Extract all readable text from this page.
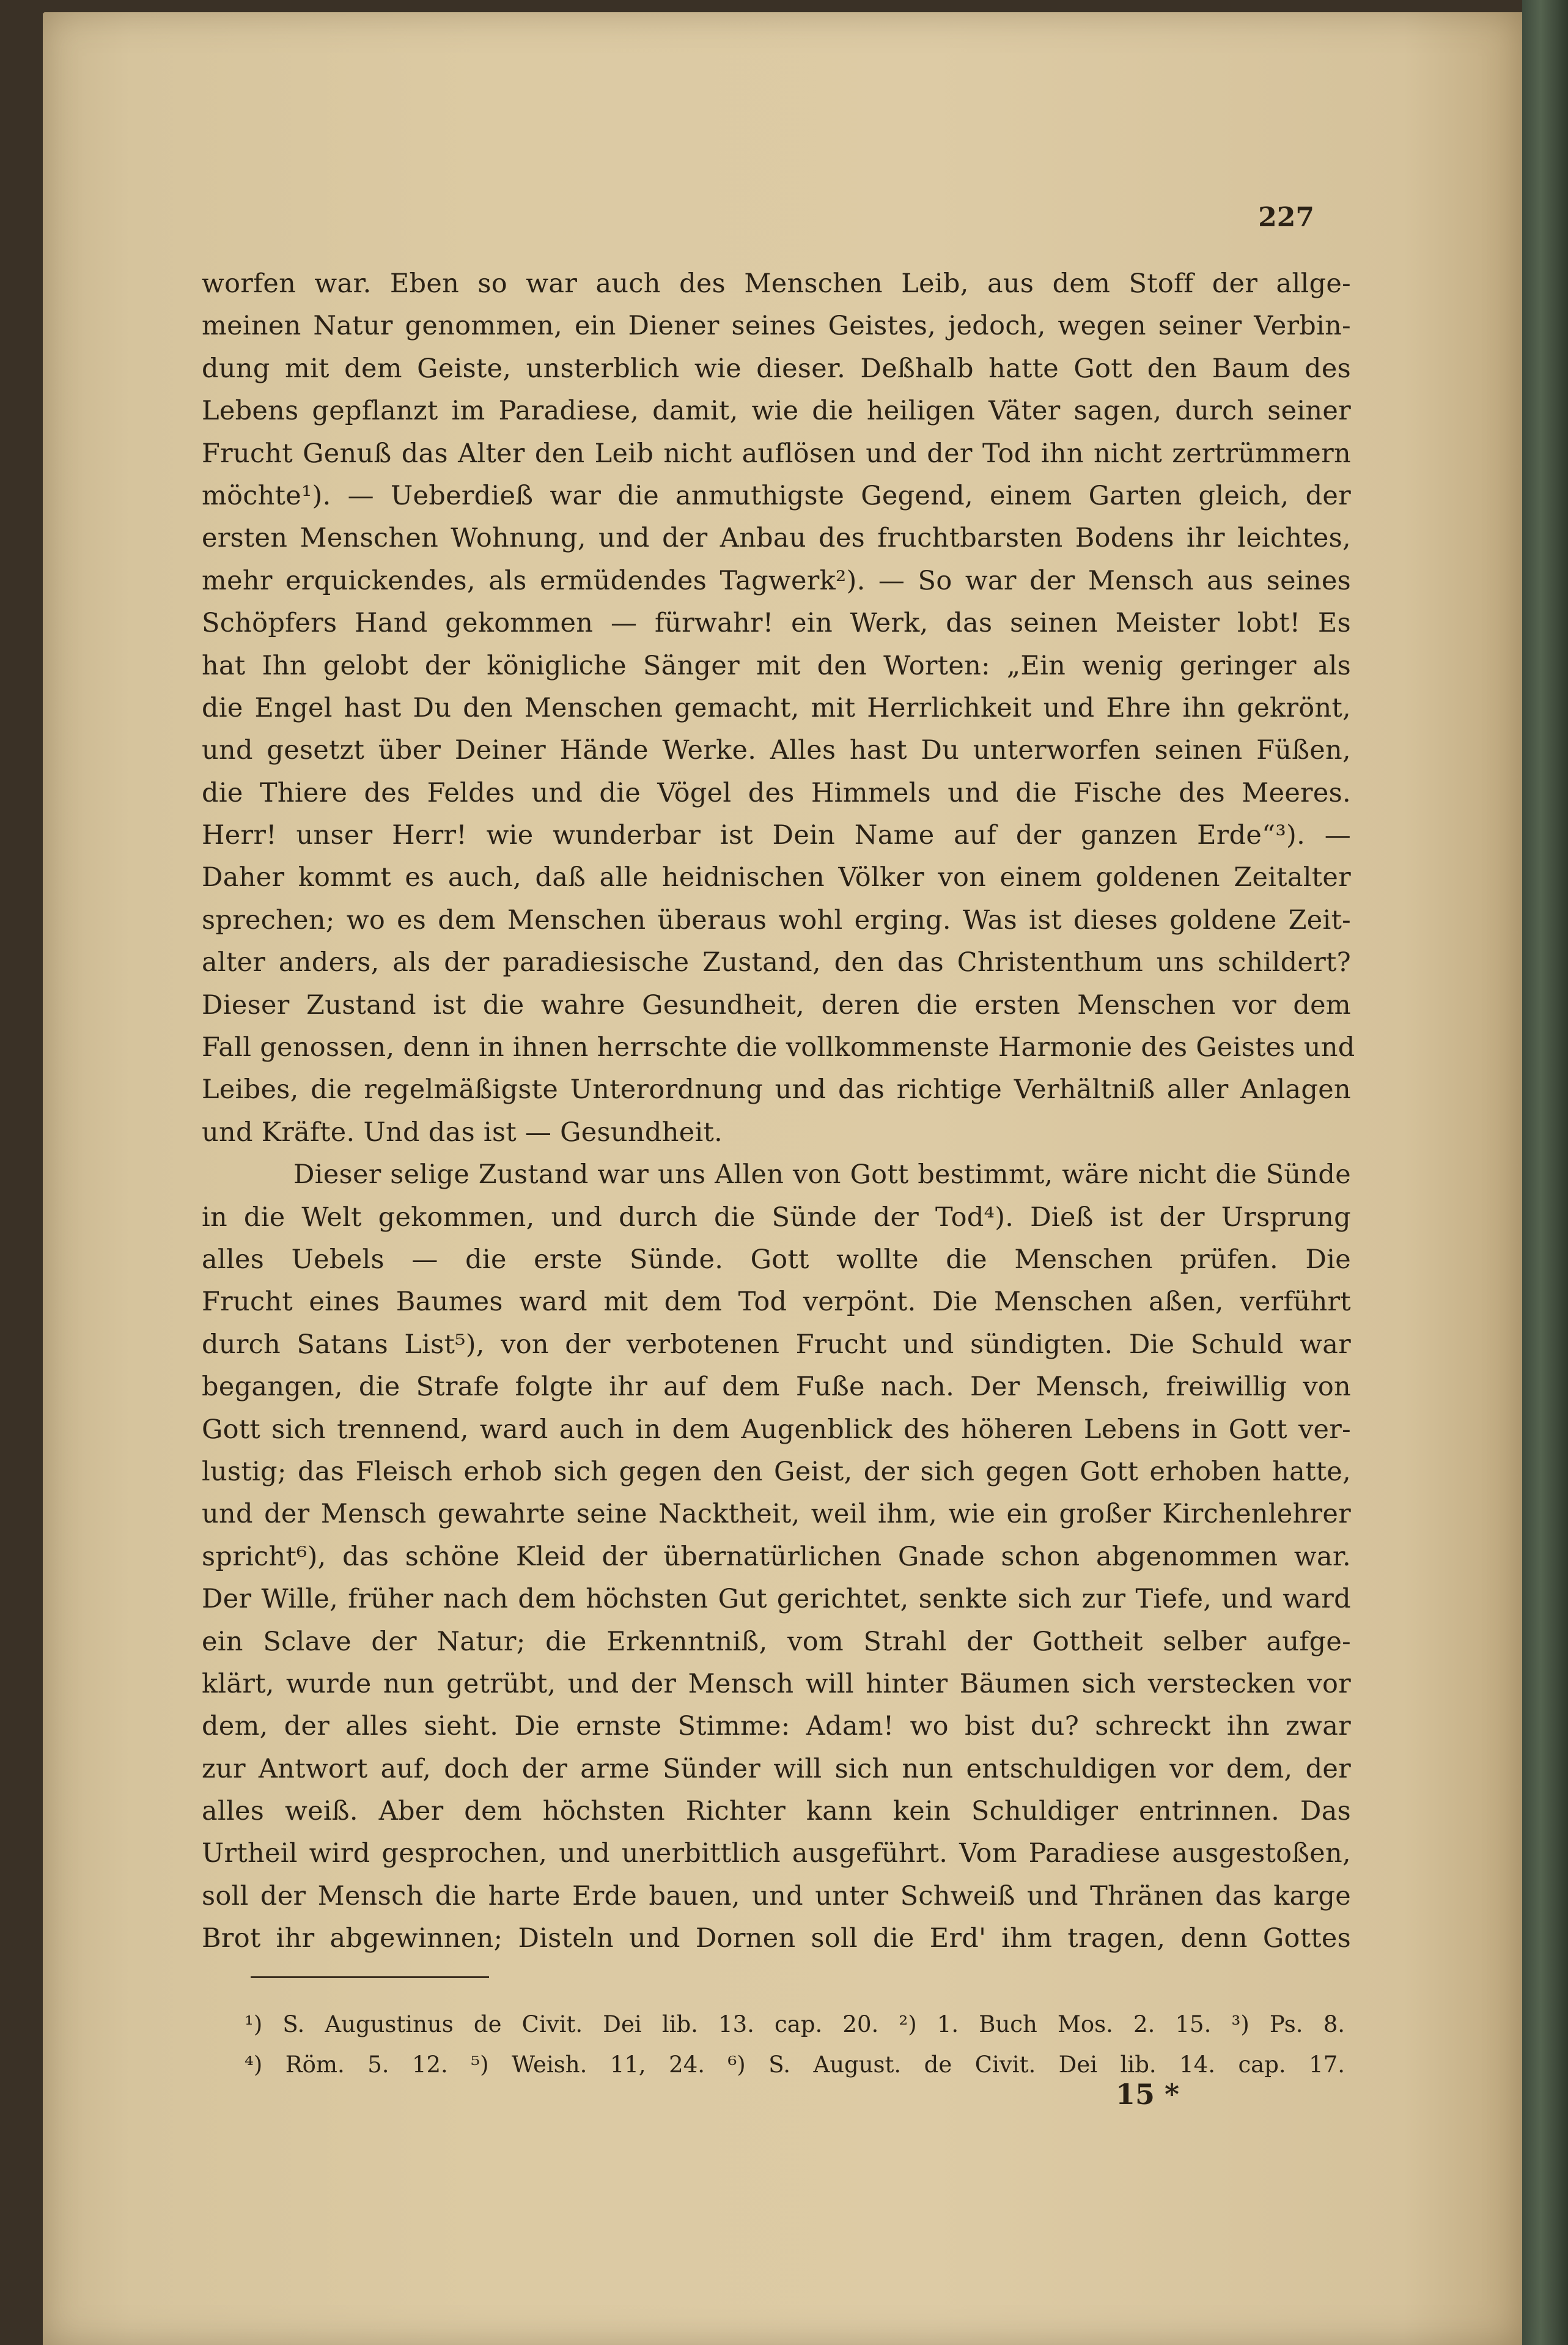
227
worfen war. Eben so war auch des Menschen Leib, aus dem Stoff der allge-
meinen Natur genommen, ein Diener seines Geistes, jedoch, wegen seiner Verbin-
dung mit dem Geiste, unsterblich wie dieser. Deßhalb hatte Gott den Baum des
Lebens gepflanzt im Paradiese, damit, wie die heiligen Väter sagen, durch seiner
Frucht Genuß das Alter den Leib nicht auflösen und der Tod ihn nicht zertrümmern
möchte¹). — Ueberdieß war die anmuthigste Gegend, einem Garten gleich, der
ersten Menschen Wohnung, und der Anbau des fruchtbarsten Bodens ihr leichtes,
mehr erquickendes, als ermüdendes Tagwerk²). — So war der Mensch aus seines
Schöpfers Hand gekommen — fürwahr! ein Werk, das seinen Meister lobt! Es
hat Ihn gelobt der königliche Sänger mit den Worten: „Ein wenig geringer als
die Engel hast Du den Menschen gemacht, mit Herrlichkeit und Ehre ihn gekrönt,
und gesetzt über Deiner Hände Werke. Alles hast Du unterworfen seinen Füßen,
die Thiere des Feldes und die Vögel des Himmels und die Fische des Meeres.
Herr! unser Herr! wie wunderbar ist Dein Name auf der ganzen Erde“³). —
Daher kommt es auch, daß alle heidnischen Völker von einem goldenen Zeitalter
sprechen; wo es dem Menschen überaus wohl erging. Was ist dieses goldene Zeit-
alter anders, als der paradiesische Zustand, den das Christenthum uns schildert?
Dieser Zustand ist die wahre Gesundheit, deren die ersten Menschen vor dem
Fall genossen, denn in ihnen herrschte die vollkommenste Harmonie des Geistes und
Leibes, die regelmäßigste Unterordnung und das richtige Verhältniß aller Anlagen
und Kräfte. Und das ist — Gesundheit.
Dieser selige Zustand war uns Allen von Gott bestimmt, wäre nicht die Sünde
in die Welt gekommen, und durch die Sünde der Tod⁴). Dieß ist der Ursprung
alles Uebels — die erste Sünde. Gott wollte die Menschen prüfen. Die
Frucht eines Baumes ward mit dem Tod verpönt. Die Menschen aßen, verführt
durch Satans List⁵), von der verbotenen Frucht und sündigten. Die Schuld war
begangen, die Strafe folgte ihr auf dem Fuße nach. Der Mensch, freiwillig von
Gott sich trennend, ward auch in dem Augenblick des höheren Lebens in Gott ver-
lustig; das Fleisch erhob sich gegen den Geist, der sich gegen Gott erhoben hatte,
und der Mensch gewahrte seine Nacktheit, weil ihm, wie ein großer Kirchenlehrer
spricht⁶), das schöne Kleid der übernatürlichen Gnade schon abgenommen war.
Der Wille, früher nach dem höchsten Gut gerichtet, senkte sich zur Tiefe, und ward
ein Sclave der Natur; die Erkenntniß, vom Strahl der Gottheit selber aufge-
klärt, wurde nun getrübt, und der Mensch will hinter Bäumen sich verstecken vor
dem, der alles sieht. Die ernste Stimme: Adam! wo bist du? schreckt ihn zwar
zur Antwort auf, doch der arme Sünder will sich nun entschuldigen vor dem, der
alles weiß. Aber dem höchsten Richter kann kein Schuldiger entrinnen. Das
Urtheil wird gesprochen, und unerbittlich ausgeführt. Vom Paradiese ausgestoßen,
soll der Mensch die harte Erde bauen, und unter Schweiß und Thränen das karge
Brot ihr abgewinnen; Disteln und Dornen soll die Erd' ihm tragen, denn Gottes
¹) S. Augustinus de Civit. Dei lib. 13. cap. 20. ²) 1. Buch Mos. 2. 15. ³) Ps. 8.
⁴) Röm. 5. 12. ⁵) Weish. 11, 24. ⁶) S. August. de Civit. Dei lib. 14. cap. 17.
15 *
